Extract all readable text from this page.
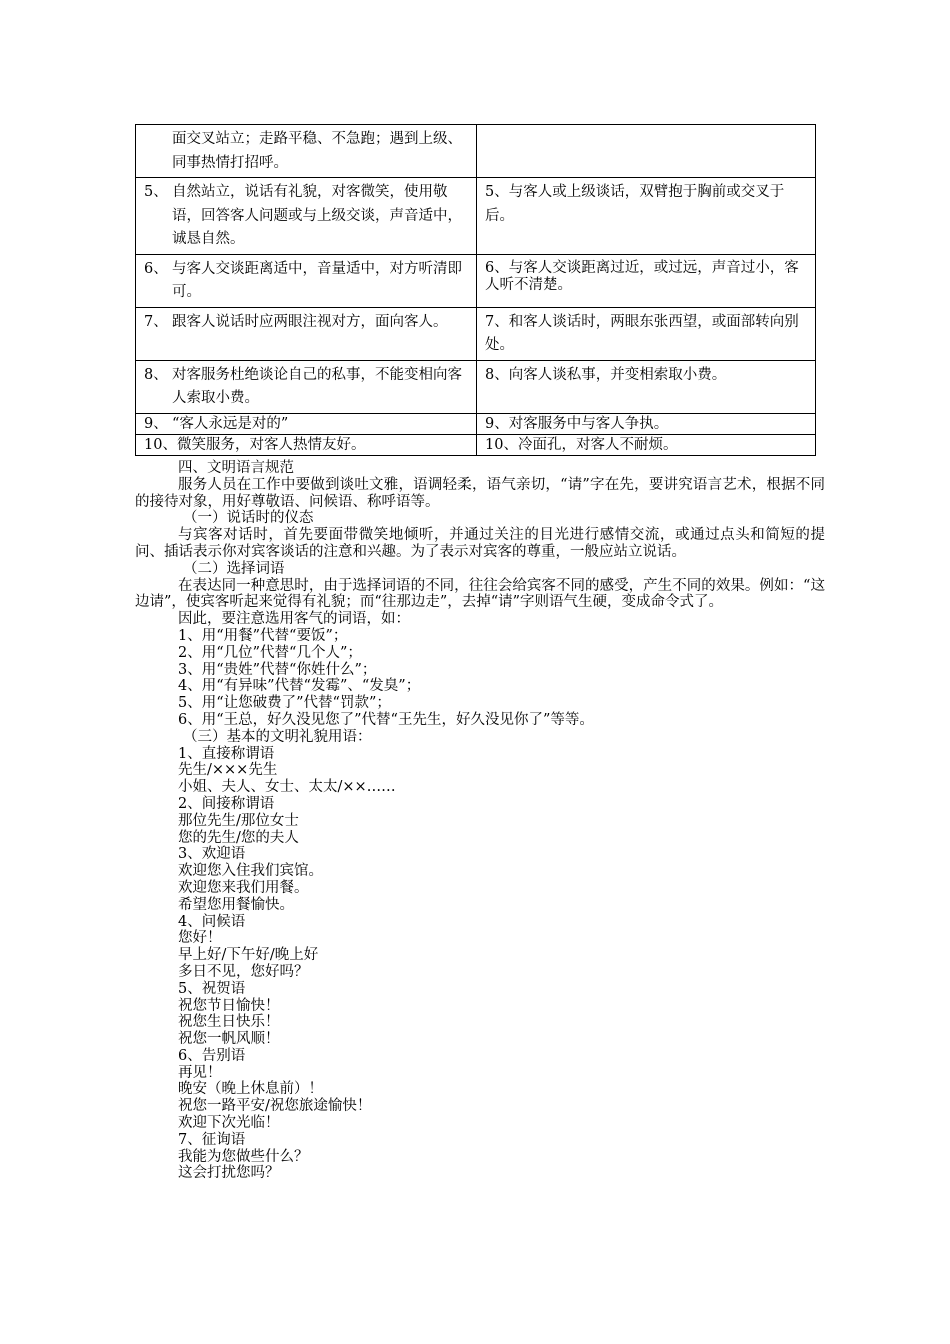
面交叉站立；走路平稳、不急跑；遇到上级、同事热情打招呼。	

5、 自然站立，说话有礼貌，对客微笑，使用敬语，回答客人问题或与上级交谈，声音适中，诚恳自然。	5、与客人或上级谈话，双臂抱于胸前或交叉于后。

6、 与客人交谈距离适中，音量适中，对方听清即可。	6、与客人交谈距离过近，或过远，声音过小，客人听不清楚。

7、 跟客人说话时应两眼注视对方，面向客人。	7、和客人谈话时，两眼东张西望，或面部转向别处。

8、 对客服务杜绝谈论自己的私事，不能变相向客人索取小费。	8、向客人谈私事，并变相索取小费。
9、 “客人永远是对的”	9、对客服务中与客人争执。
10、微笑服务，对客人热情友好。	10、冷面孔，对客人不耐烦。
四、文明语言规范
服务人员在工作中要做到谈吐文雅，语调轻柔，语气亲切，“请”字在先，要讲究语言艺术，根据不同的接待对象，用好尊敬语、问候语、称呼语等。
（一）说话时的仪态
与宾客对话时，首先要面带微笑地倾听，并通过关注的目光进行感情交流，或通过点头和简短的提问、插话表示你对宾客谈话的注意和兴趣。为了表示对宾客的尊重，一般应站立说话。
（二）选择词语
在表达同一种意思时，由于选择词语的不同，往往会给宾客不同的感受，产生不同的效果。例如：“这边请”，使宾客听起来觉得有礼貌；而“往那边走”，去掉“请”字则语气生硬，变成命令式了。
因此，要注意选用客气的词语，如：
1、用“用餐”代替“要饭”；
2、用“几位”代替“几个人”；
3、用“贵姓”代替“你姓什么”；
4、用“有异味”代替“发霉”、“发臭”；
5、用“让您破费了”代替“罚款”；
6、用“王总，好久没见您了”代替“王先生，好久没见你了”等等。
（三）基本的文明礼貌用语：
1、直接称谓语
先生/×××先生
小姐、夫人、女士、太太/××……
2、间接称谓语
那位先生/那位女士
您的先生/您的夫人
3、欢迎语
欢迎您入住我们宾馆。
欢迎您来我们用餐。
希望您用餐愉快。
4、问候语
您好！
早上好/下午好/晚上好
多日不见，您好吗？
5、祝贺语
祝您节日愉快！
祝您生日快乐！
祝您一帆风顺！
6、告别语
再见！
晚安（晚上休息前）！
祝您一路平安/祝您旅途愉快！
欢迎下次光临！
7、征询语
我能为您做些什么？
这会打扰您吗？
